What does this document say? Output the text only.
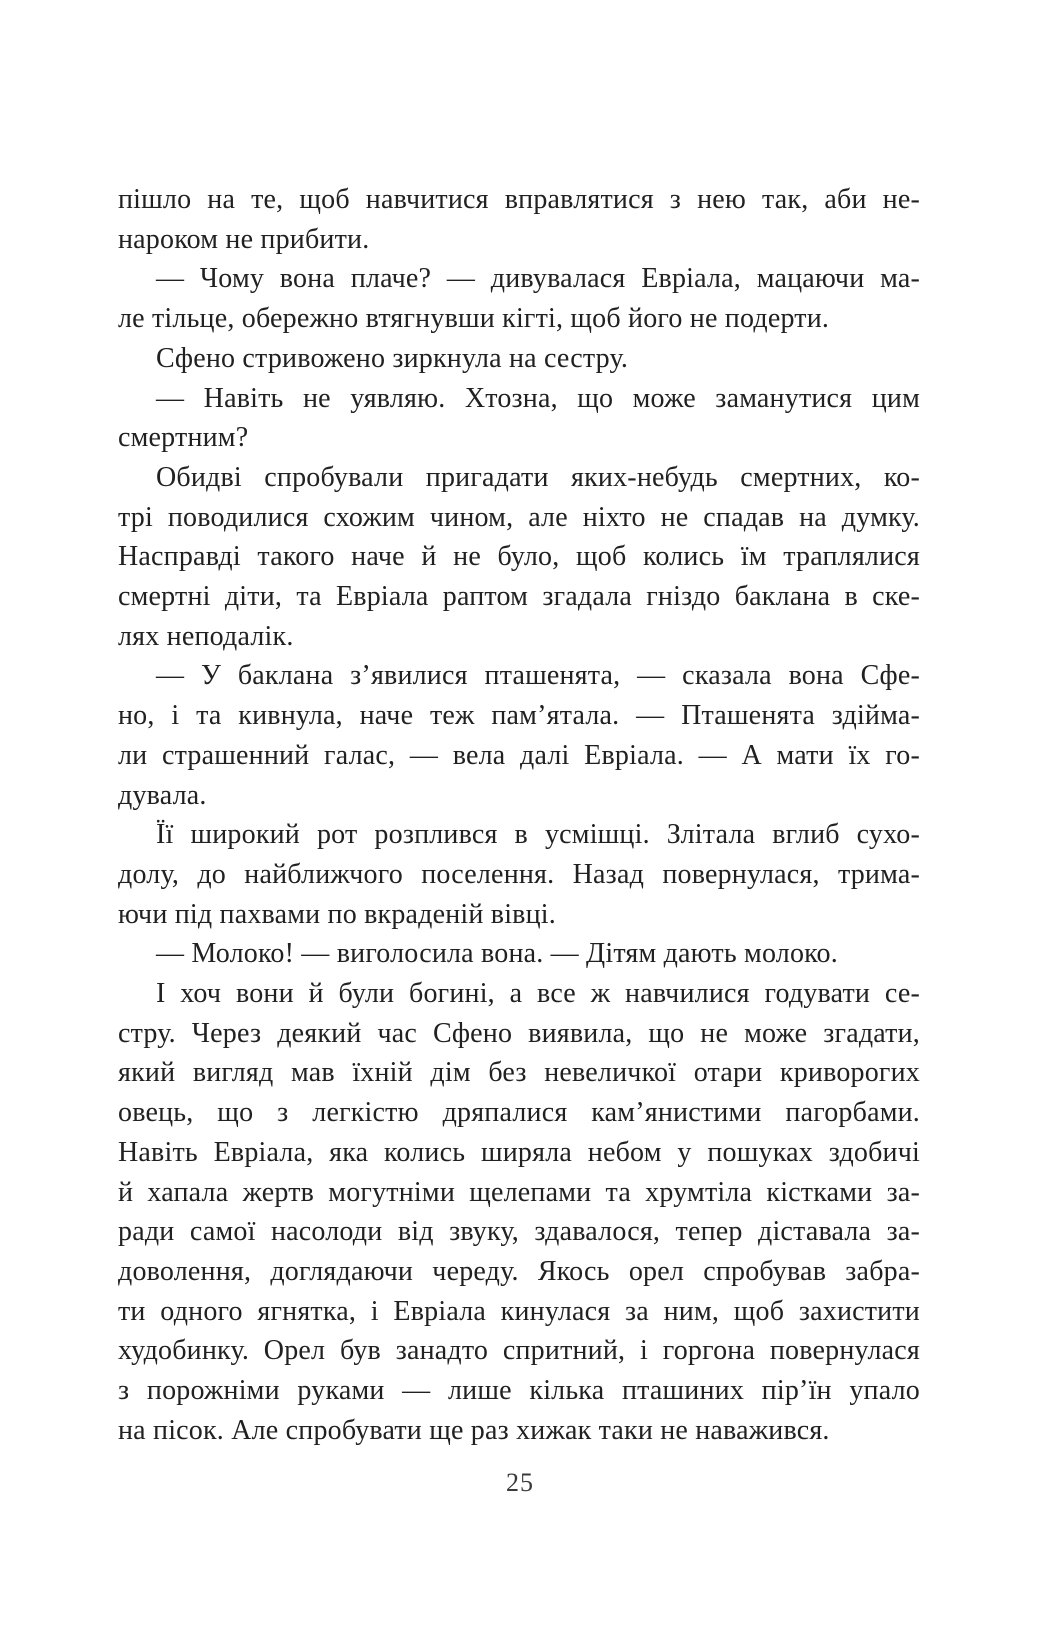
пішло на те, щоб навчитися вправлятися з нею так, аби не-
нароком не прибити.
— Чому вона плаче? — дивувалася Евріала, мацаючи ма-
ле тільце, обережно втягнувши кігті, щоб його не подерти.
Сфено стривожено зиркнула на сестру.
— Навіть не уявляю. Хтозна, що може заманутися цим
смертним?
Обидві спробували пригадати яких-небудь смертних, ко-
трі поводилися схожим чином, але ніхто не спадав на думку.
Насправді такого наче й не було, щоб колись їм траплялися
смертні діти, та Евріала раптом згадала гніздо баклана в ске-
лях неподалік.
— У баклана з’явилися пташенята, — сказала вона Сфе-
но, і та кивнула, наче теж пам’ятала. — Пташенята здійма-
ли страшенний галас, — вела далі Евріала. — А мати їх го-
дувала.
Її широкий рот розплився в усмішці. Злітала вглиб сухо-
долу, до найближчого поселення. Назад повернулася, трима-
ючи під пахвами по вкраденій вівці.
— Молоко! — виголосила вона. — Дітям дають молоко.
І хоч вони й були богині, а все ж навчилися годувати се-
стру. Через деякий час Сфено виявила, що не може згадати,
який вигляд мав їхній дім без невеличкої отари криворогих
овець, що з легкістю дряпалися кам’янистими пагорбами.
Навіть Евріала, яка колись ширяла небом у пошуках здобичі
й хапала жертв могутніми щелепами та хрумтіла кістками за-
ради самої насолоди від звуку, здавалося, тепер діставала за-
доволення, доглядаючи череду. Якось орел спробував забра-
ти одного ягнятка, і Евріала кинулася за ним, щоб захистити
худобинку. Орел був занадто спритний, і горгона повернулася
з порожніми руками — лише кілька пташиних пір’їн упало
на пісок. Але спробувати ще раз хижак таки не наважився.
25
